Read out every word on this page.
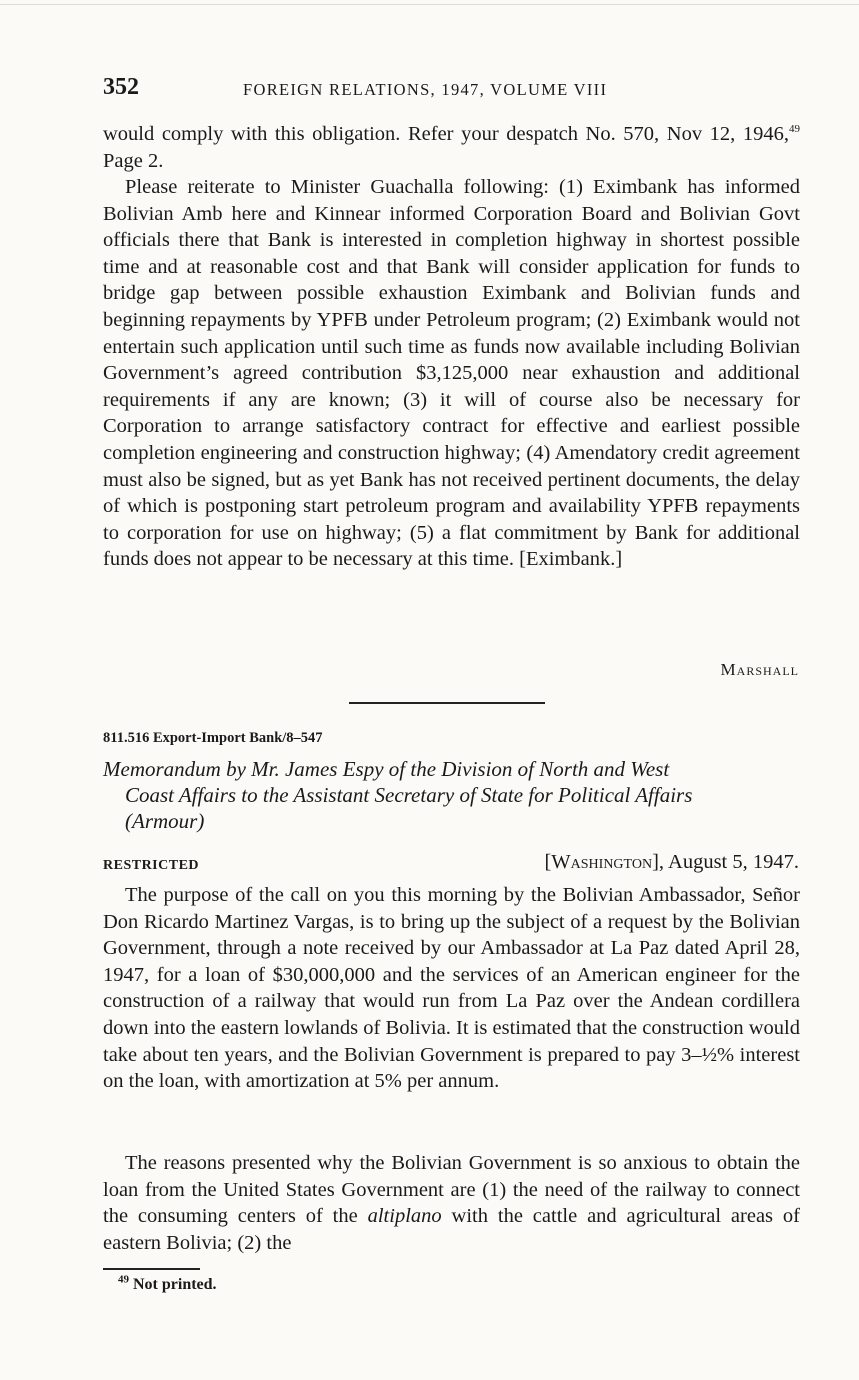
352	FOREIGN RELATIONS, 1947, VOLUME VIII
would comply with this obligation. Refer your despatch No. 570, Nov 12, 1946,49 Page 2.
Please reiterate to Minister Guachalla following: (1) Eximbank has informed Bolivian Amb here and Kinnear informed Corporation Board and Bolivian Govt officials there that Bank is interested in completion highway in shortest possible time and at reasonable cost and that Bank will consider application for funds to bridge gap between possible exhaustion Eximbank and Bolivian funds and beginning repayments by YPFB under Petroleum program; (2) Eximbank would not entertain such application until such time as funds now available including Bolivian Government’s agreed contribution $3,125,000 near exhaustion and additional requirements if any are known; (3) it will of course also be necessary for Corporation to arrange satisfactory contract for effective and earliest possible completion engineering and construction highway; (4) Amendatory credit agreement must also be signed, but as yet Bank has not received pertinent documents, the delay of which is postponing start petroleum program and availability YPFB repayments to corporation for use on highway; (5) a flat commitment by Bank for additional funds does not appear to be necessary at this time. [Eximbank.]
Marshall
811.516 Export-Import Bank/8–547
Memorandum by Mr. James Espy of the Division of North and West
Coast Affairs to the Assistant Secretary of State for Political Affairs
(Armour)
RESTRICTED	[Washington], August 5, 1947.
The purpose of the call on you this morning by the Bolivian Ambassador, Señor Don Ricardo Martinez Vargas, is to bring up the subject of a request by the Bolivian Government, through a note received by our Ambassador at La Paz dated April 28, 1947, for a loan of $30,000,000 and the services of an American engineer for the construction of a railway that would run from La Paz over the Andean cordillera down into the eastern lowlands of Bolivia. It is estimated that the construction would take about ten years, and the Bolivian Government is prepared to pay 3–½% interest on the loan, with amortization at 5% per annum.
The reasons presented why the Bolivian Government is so anxious to obtain the loan from the United States Government are (1) the need of the railway to connect the consuming centers of the altiplano with the cattle and agricultural areas of eastern Bolivia; (2) the
$^{49}$ Not printed.
